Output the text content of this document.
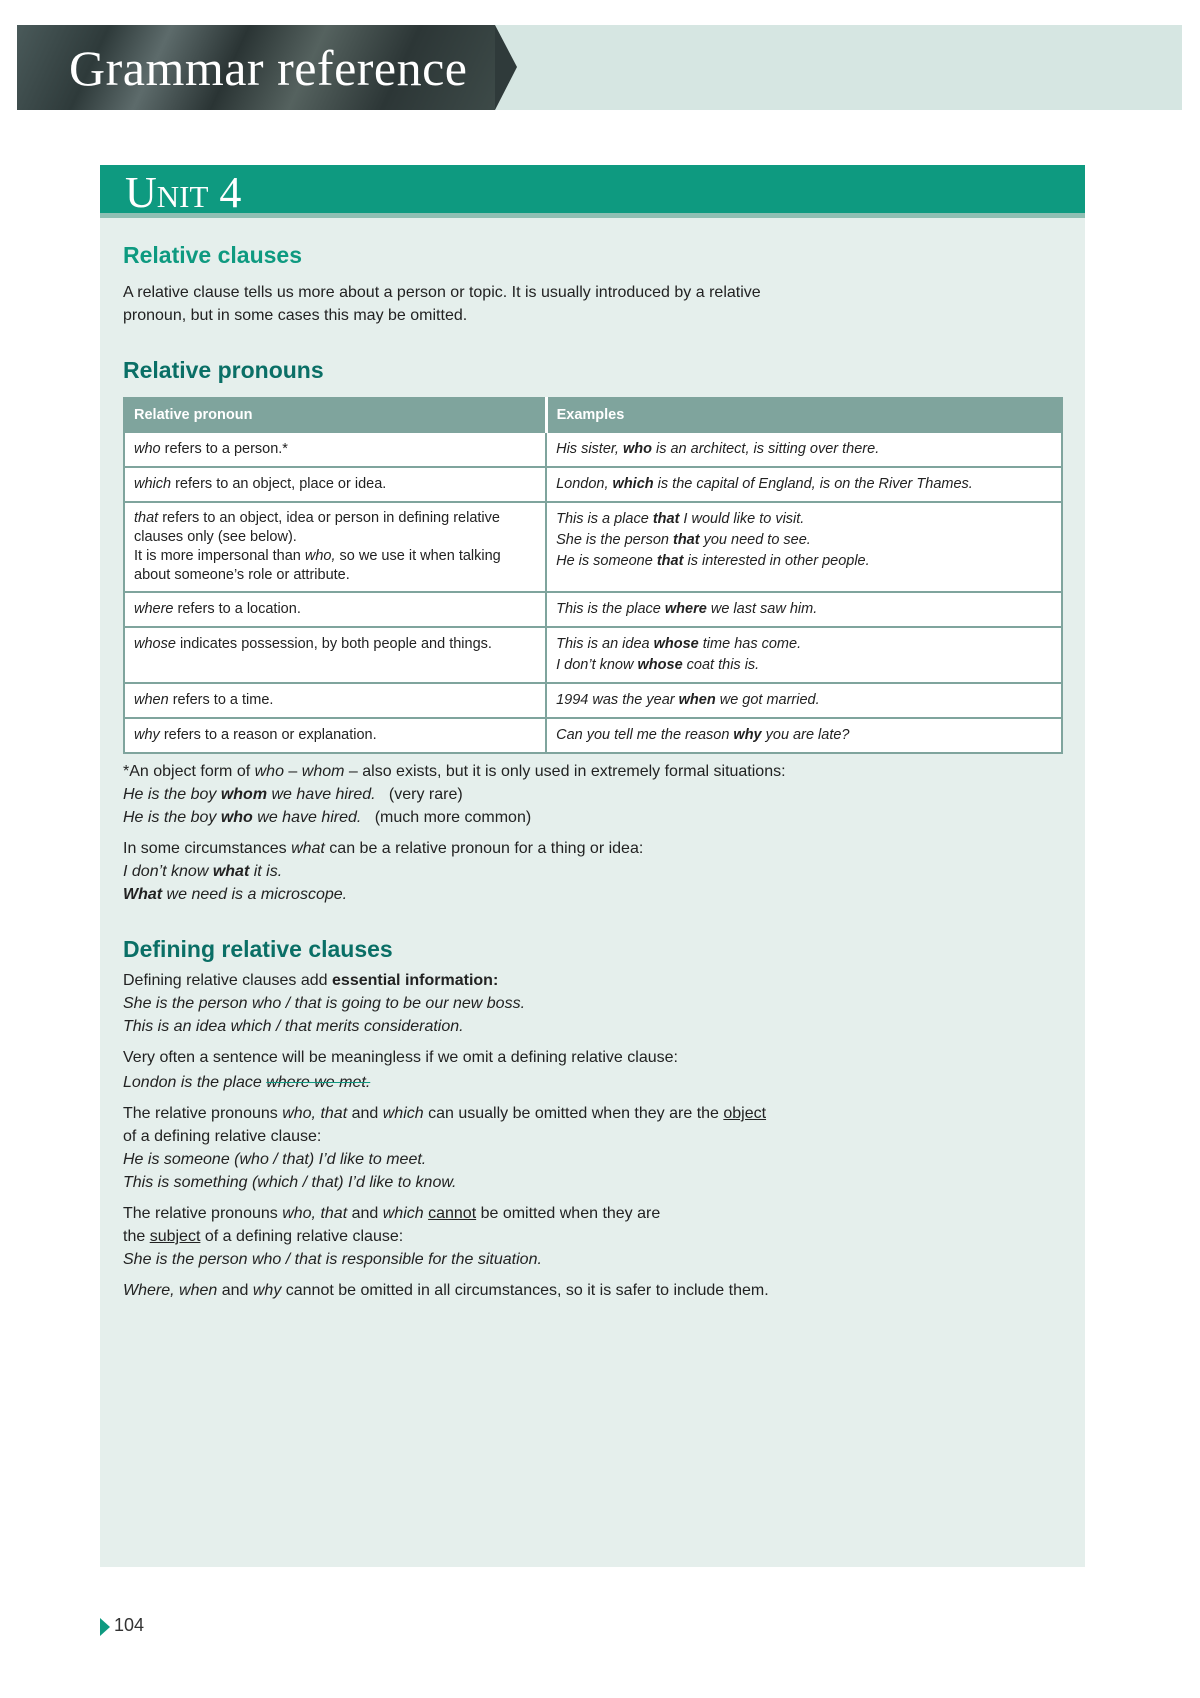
Grammar reference
Unit 4
Relative clauses

A relative clause tells us more about a person or topic. It is usually introduced by a relative
pronoun, but in some cases this may be omitted.

Relative pronouns
Relative pronoun	Examples
who refers to a person.*	His sister, who is an architect, is sitting over there.

which refers to an object, place or idea.	London, which is the capital of England, is on the River Thames.

that refers to an object, idea or person in defining relative clauses only (see below).
It is more impersonal than who, so we use it when talking about someone’s role or attribute.	This is a place that I would like to visit.
She is the person that you need to see.
He is someone that is interested in other people.

where refers to a location.	This is the place where we last saw him.

whose indicates possession, by both people and things.	This is an idea whose time has come.
I don’t know whose coat this is.

when refers to a time.	1994 was the year when we got married.

why refers to a reason or explanation.	Can you tell me the reason why you are late?

*An object form of who – whom – also exists, but it is only used in extremely formal situations:

He is the boy whom we have hired. (very rare)

He is the boy who we have hired. (much more common)

In some circumstances what can be a relative pronoun for a thing or idea:

I don’t know what it is.

What we need is a microscope.

Defining relative clauses

Defining relative clauses add essential information:

She is the person who / that is going to be our new boss.

This is an idea which / that merits consideration.

Very often a sentence will be meaningless if we omit a defining relative clause:

London is the place where we met.

The relative pronouns who, that and which can usually be omitted when they are the object

of a defining relative clause:

He is someone (who / that) I’d like to meet.

This is something (which / that) I’d like to know.

The relative pronouns who, that and which cannot be omitted when they are

the subject of a defining relative clause:

She is the person who / that is responsible for the situation.

Where, when and why cannot be omitted in all circumstances, so it is safer to include them.

104
